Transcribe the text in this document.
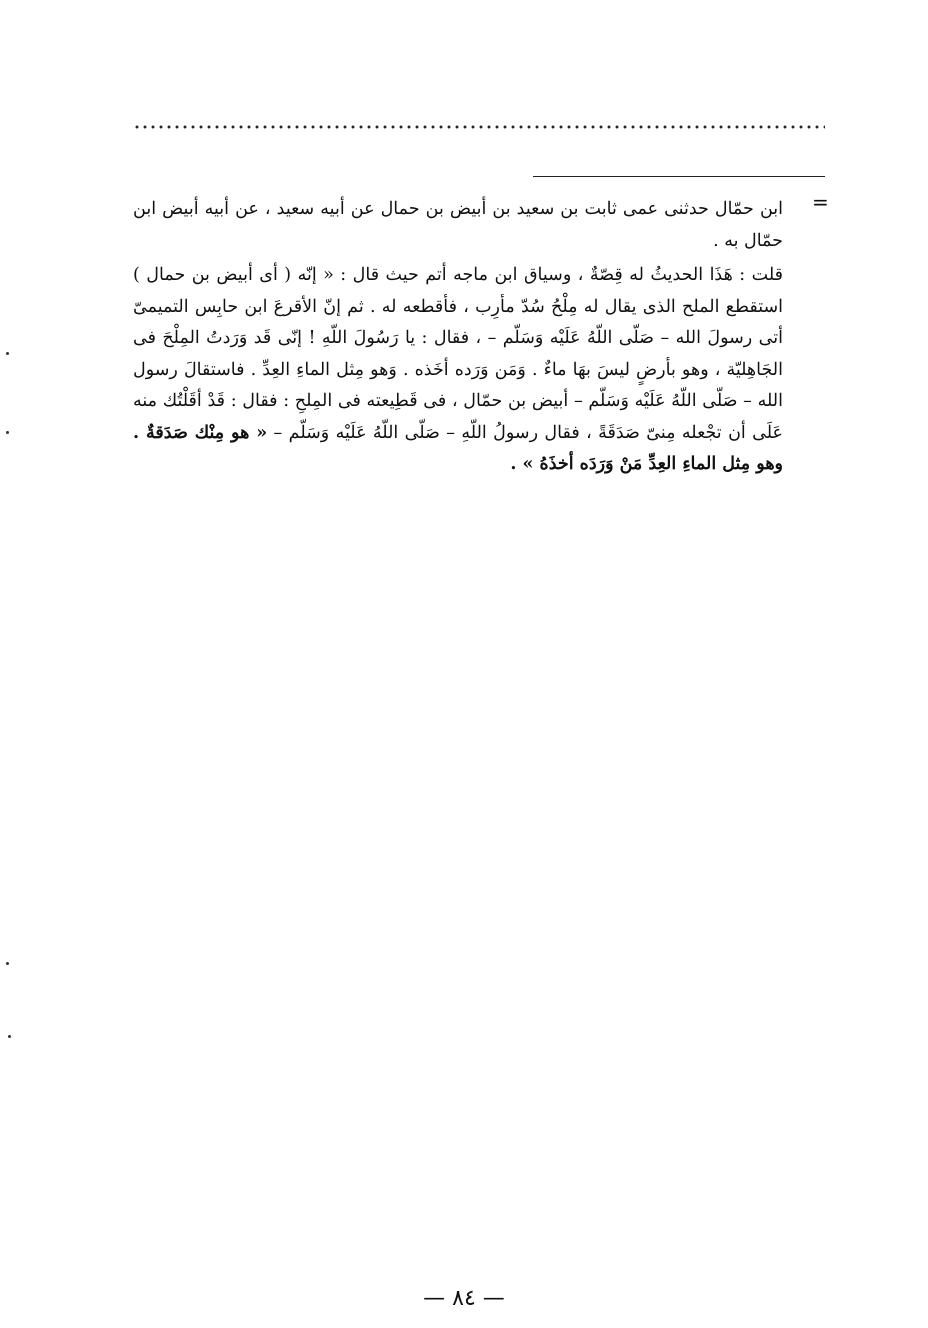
=

ابن حمّال حدثنى عمى ثابت بن سعيد بن أبيض بن حمال عن أبيه سعيد ، عن أبيه أبيض ابن حمّال به .

قلت : هَذَا الحديثُ له قِصّةٌ ، وسياق ابن ماجه أتم حيث قال : « إنّه ( أى أبيض بن حمال ) استقطع الملح الذى يقال له مِلْحُ سُدّ مأرِب ، فأقطعه له . ثم إنّ الأقرعَ ابن حابِس التميمىّ أتى رسولَ الله – صَلّى اللّهُ عَلَيْه وَسَلّم – ، فقال : يا رَسُولَ اللّهِ ! إنّى قَد وَرَدتُ المِلْحَ فى الجَاهِليّة ، وهو بأرضٍ ليسَ بهَا ماءٌ . وَمَن وَرَده أخَذه . وَهو مِثل الماءِ العِدِّ . فاستقالَ رسول الله – صَلّى اللّهُ عَلَيْه وَسَلّم – أبيض بن حمّال ، فى قَطِيعته فى المِلحِ : فقال : قَدْ أقَلْتُك منه عَلَى أن تجْعله مِنىّ صَدَقَةً ، فقال رسولُ اللّهِ – صَلّى اللّهُ عَلَيْه وَسَلّم – « هو مِنْك صَدَقةٌ . وهو مِثل الماءِ العِدِّ مَنْ وَرَدَه أخذَهُ » .

— ٨٤ —
